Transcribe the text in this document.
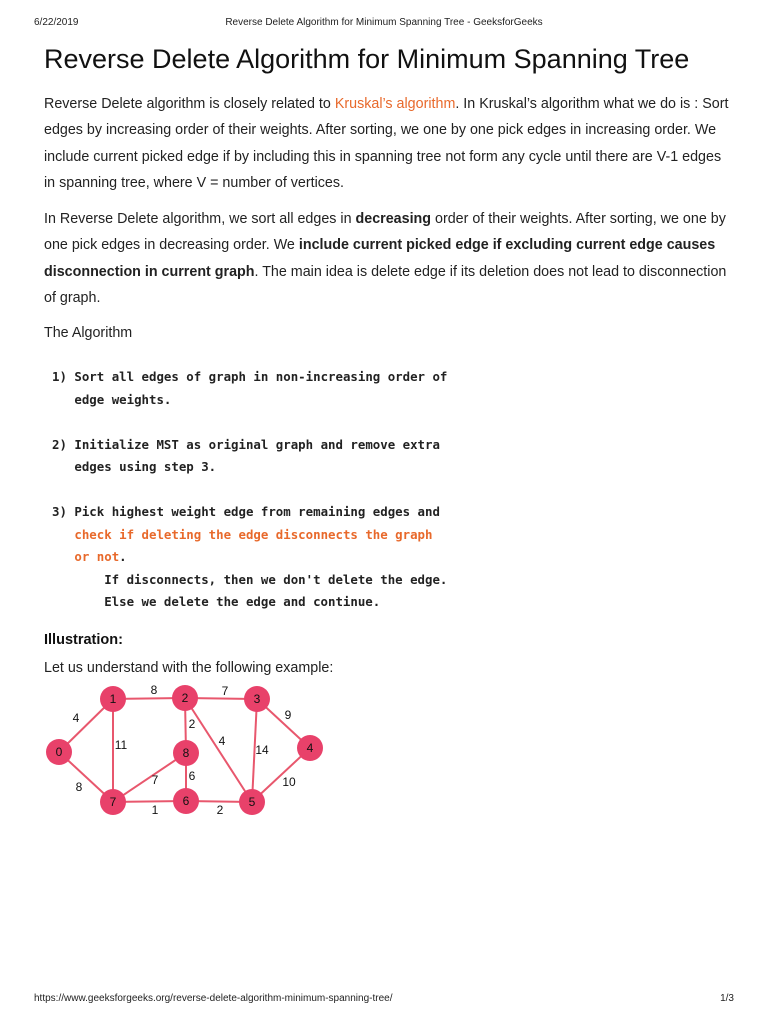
6/22/2019	Reverse Delete Algorithm for Minimum Spanning Tree - GeeksforGeeks
Reverse Delete Algorithm for Minimum Spanning Tree

Reverse Delete algorithm is closely related to Kruskal’s algorithm. In Kruskal’s algorithm what we do is : Sort edges by increasing order of their weights. After sorting, we one by one pick edges in increasing order. We include current picked edge if by including this in spanning tree not form any cycle until there are V-1 edges in spanning tree, where V = number of vertices.

In Reverse Delete algorithm, we sort all edges in decreasing order of their weights. After sorting, we one by one pick edges in decreasing order. We include current picked edge if excluding current edge causes disconnection in current graph. The main idea is delete edge if its deletion does not lead to disconnection of graph.

The Algorithm

1) Sort all edges of graph in non-increasing order of
edge weights.

2) Initialize MST as original graph and remove extra
edges using step 3.

3) Pick highest weight edge from remaining edges and
check if deleting the edge disconnects the graph
or not.
If disconnects, then we don't delete the edge.
Else we delete the edge and continue.

Illustration:

Let us understand with the following example:

4
8
8
11
7
2
4
9
14
10
2
1
6
7
0
1	2	3
4
5
6
7
8
https://www.geeksforgeeks.org/reverse-delete-algorithm-minimum-spanning-tree/	1/3
